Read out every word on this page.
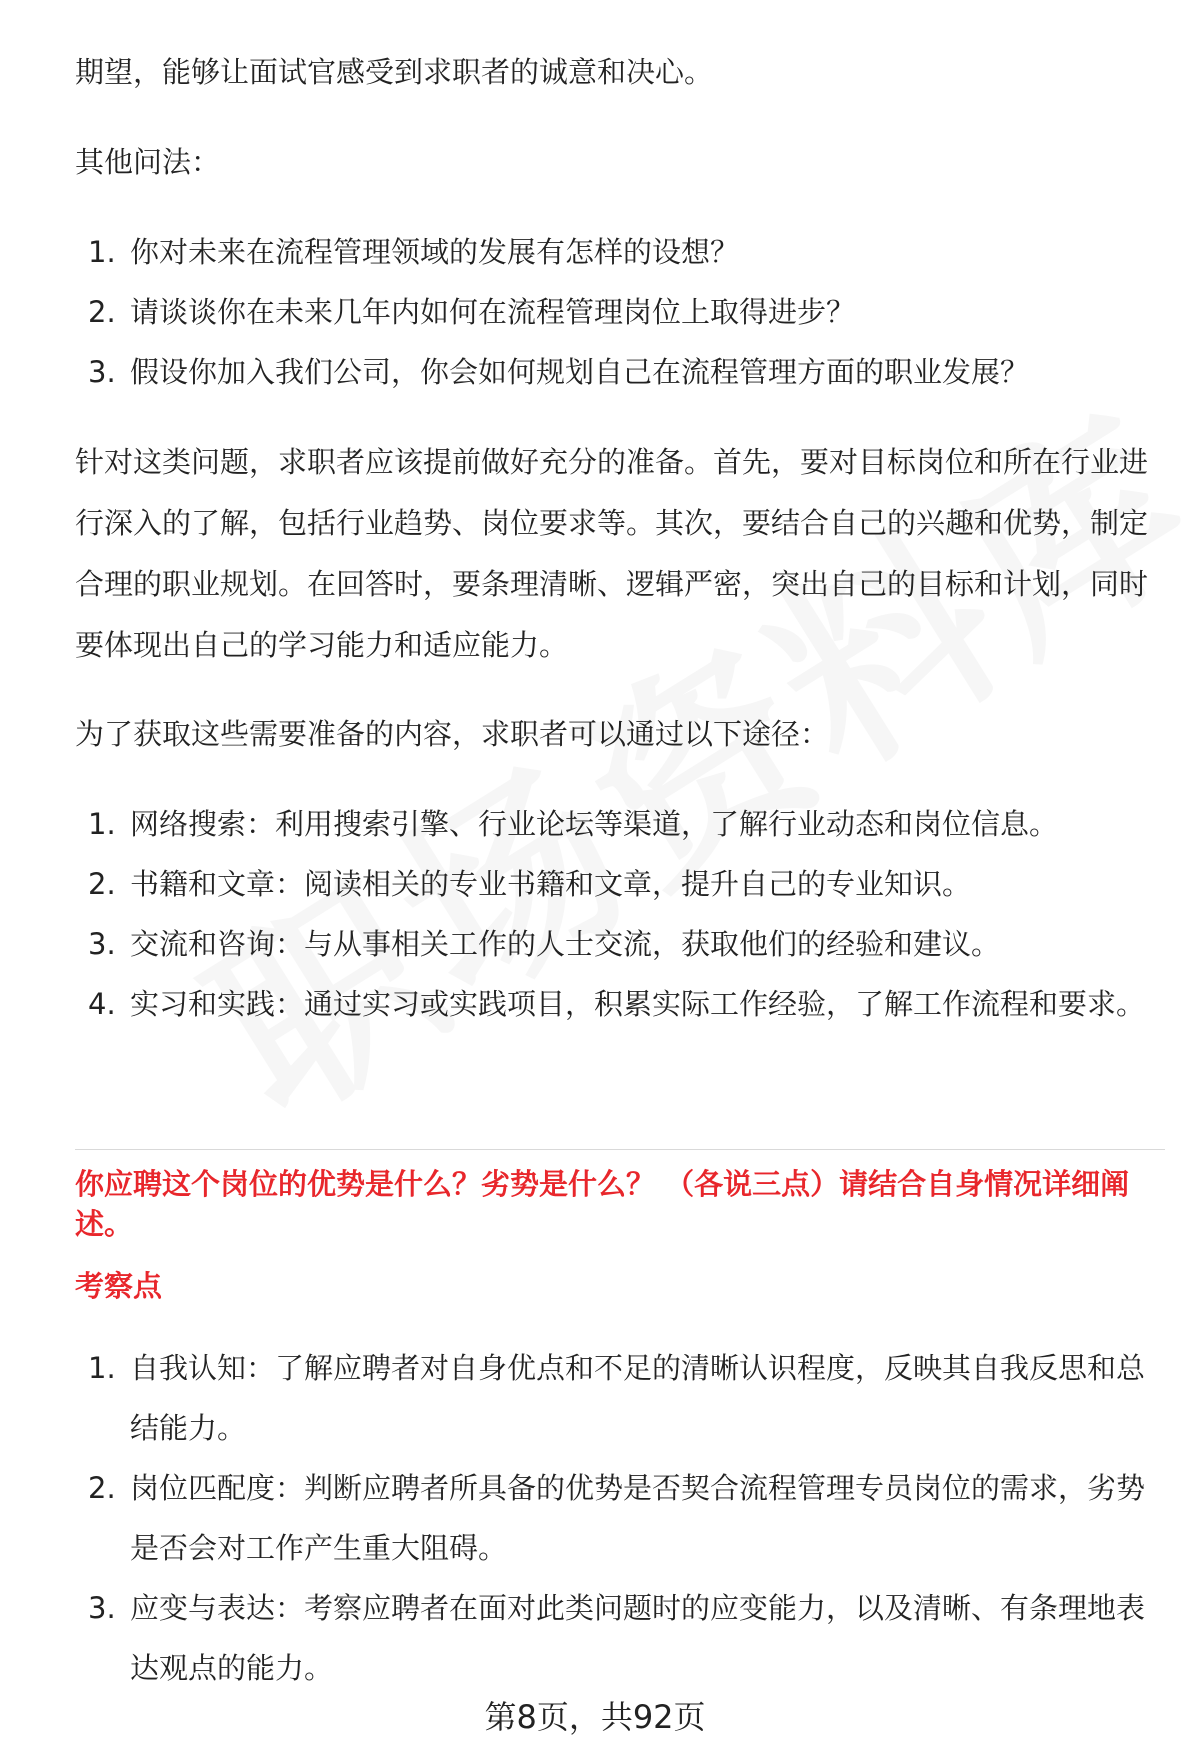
期望，能够让面试官感受到求职者的诚意和决心。

其他问法：

1. 你对未来在流程管理领域的发展有怎样的设想？
2. 请谈谈你在未来几年内如何在流程管理岗位上取得进步？
3. 假设你加入我们公司，你会如何规划自己在流程管理方面的职业发展？

针对这类问题，求职者应该提前做好充分的准备。首先，要对目标岗位和所在行业进行深入的了解，包括行业趋势、岗位要求等。其次，要结合自己的兴趣和优势，制定合理的职业规划。在回答时，要条理清晰、逻辑严密，突出自己的目标和计划，同时要体现出自己的学习能力和适应能力。

为了获取这些需要准备的内容，求职者可以通过以下途径：

1. 网络搜索：利用搜索引擎、行业论坛等渠道，了解行业动态和岗位信息。
2. 书籍和文章：阅读相关的专业书籍和文章，提升自己的专业知识。
3. 交流和咨询：与从事相关工作的人士交流，获取他们的经验和建议。
4. 实习和实践：通过实习或实践项目，积累实际工作经验，了解工作流程和要求。

你应聘这个岗位的优势是什么？劣势是什么？ （各说三点）请结合自身情况详细阐述。

考察点

1. 自我认知：了解应聘者对自身优点和不足的清晰认识程度，反映其自我反思和总结能力。
2. 岗位匹配度：判断应聘者所具备的优势是否契合流程管理专员岗位的需求，劣势是否会对工作产生重大阻碍。
3. 应变与表达：考察应聘者在面对此类问题时的应变能力，以及清晰、有条理地表达观点的能力。
第8页，共92页
